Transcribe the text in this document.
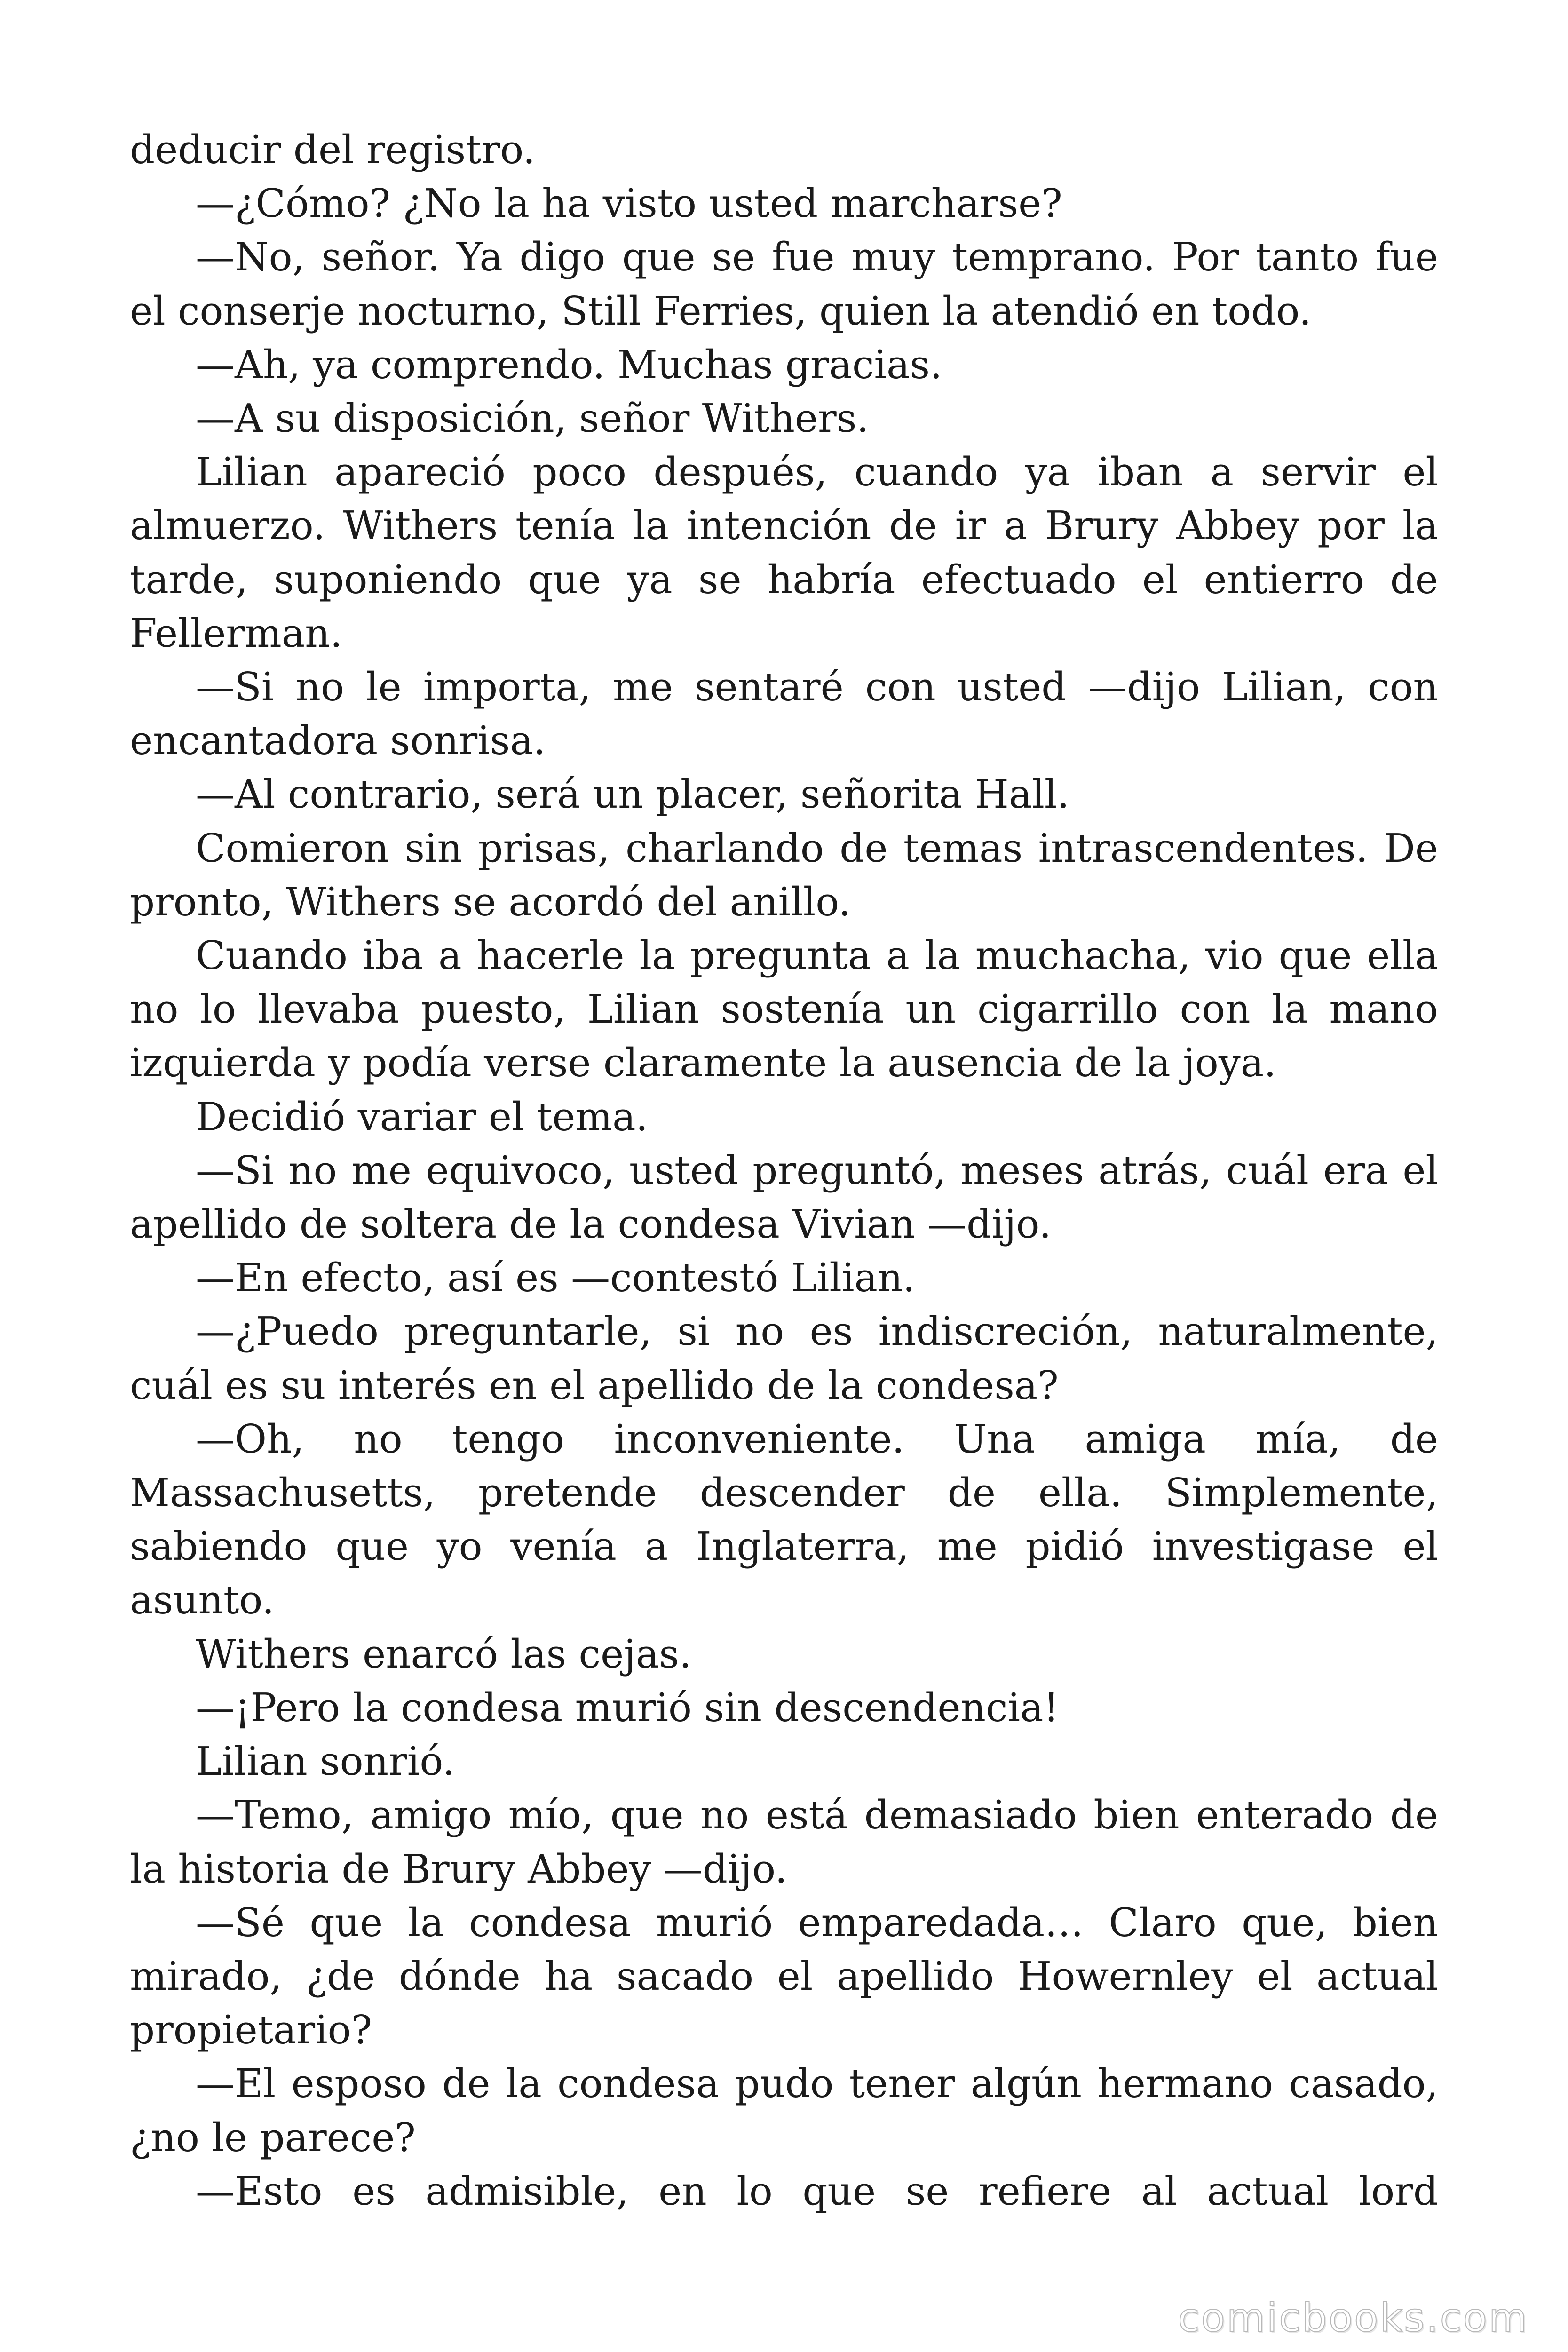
deducir del registro.

—¿Cómo? ¿No la ha visto usted marcharse?

—No, señor. Ya digo que se fue muy temprano. Por tanto fue el conserje nocturno, Still Ferries, quien la atendió en todo.

—Ah, ya comprendo. Muchas gracias.

—A su disposición, señor Withers.

Lilian apareció poco después, cuando ya iban a servir el almuerzo. Withers tenía la intención de ir a Brury Abbey por la tarde, suponiendo que ya se habría efectuado el entierro de Fellerman.

—Si no le importa, me sentaré con usted —dijo Lilian, con encantadora sonrisa.

—Al contrario, será un placer, señorita Hall.

Comieron sin prisas, charlando de temas intrascendentes. De pronto, Withers se acordó del anillo.

Cuando iba a hacerle la pregunta a la muchacha, vio que ella no lo llevaba puesto, Lilian sostenía un cigarrillo con la mano izquierda y podía verse claramente la ausencia de la joya.

Decidió variar el tema.

—Si no me equivoco, usted preguntó, meses atrás, cuál era el apellido de soltera de la condesa Vivian —dijo.

—En efecto, así es —contestó Lilian.

—¿Puedo preguntarle, si no es indiscreción, naturalmente, cuál es su interés en el apellido de la condesa?

—Oh, no tengo inconveniente. Una amiga mía, de Massachusetts, pretende descender de ella. Simplemente, sabiendo que yo venía a Inglaterra, me pidió investigase el asunto.

Withers enarcó las cejas.

—¡Pero la condesa murió sin descendencia!

Lilian sonrió.

—Temo, amigo mío, que no está demasiado bien enterado de la historia de Brury Abbey —dijo.

—Sé que la condesa murió emparedada… Claro que, bien mirado, ¿de dónde ha sacado el apellido Howernley el actual propietario?

—El esposo de la condesa pudo tener algún hermano casado, ¿no le parece?

—Esto es admisible, en lo que se refiere al actual lord

comicbooks.com
